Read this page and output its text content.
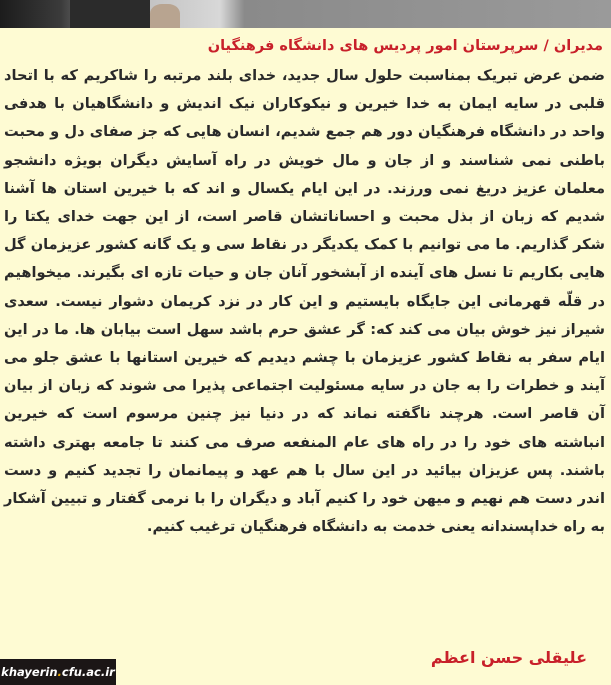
مدیران / سرپرستان امور پردیس های دانشگاه فرهنگیان
ضمن عرض تبریک بمناسبت حلول سال جدید، خدای بلند مرتبه را شاکریم که با اتحاد قلبی در سایه ایمان به خدا خیرین و نیکوکاران نیک اندیش و دانشگاهیان با هدفی واحد در دانشگاه فرهنگیان دور هم جمع شدیم، انسان هایی که جز صفای دل و محبت باطنی نمی شناسند و از جان و مال خویش در راه آسایش دیگران بویژه دانشجو معلمان عزیز دریغ نمی ورزند. در این ایام یکسال و اند که با خیرین استان ها آشنا شدیم که زبان از بذل محبت و احساناتشان قاصر است، از این جهت خدای یکتا را شکر گذاریم. ما می توانیم با کمک یکدیگر در نقاط سی و یک گانه کشور عزیزمان گل هایی بکاریم تا نسل های آینده از آبشخور آنان جان و حیات تازه ای بگیرند. میخواهیم در قلّه قهرمانی این جایگاه بایستیم و این کار در نزد کریمان دشوار نیست. سعدی شیراز نیز خوش بیان می کند که: گر عشق حرم باشد سهل است بیابان ها. ما در این ایام سفر به نقاط کشور عزیزمان با چشم دیدیم که خیرین استانها با عشق جلو می آیند و خطرات را به جان در سایه مسئولیت اجتماعی پذیرا می شوند که زبان از بیان آن قاصر است. هرچند ناگفته نماند که در دنیا نیز چنین مرسوم است که خیرین انباشته های خود را در راه های عام المنفعه صرف می کنند تا جامعه بهتری داشته باشند. پس عزیزان بیائید در این سال با هم عهد و پیمانمان را تجدید کنیم و دست اندر دست هم نهیم و میهن خود را کنیم آباد و دیگران را با نرمی گفتار و تبیین آشکار به راه خداپسندانه یعنی خدمت به دانشگاه فرهنگیان ترغیب کنیم.
علیقلی حسن اعظم
khayerin.cfu.ac.ir
